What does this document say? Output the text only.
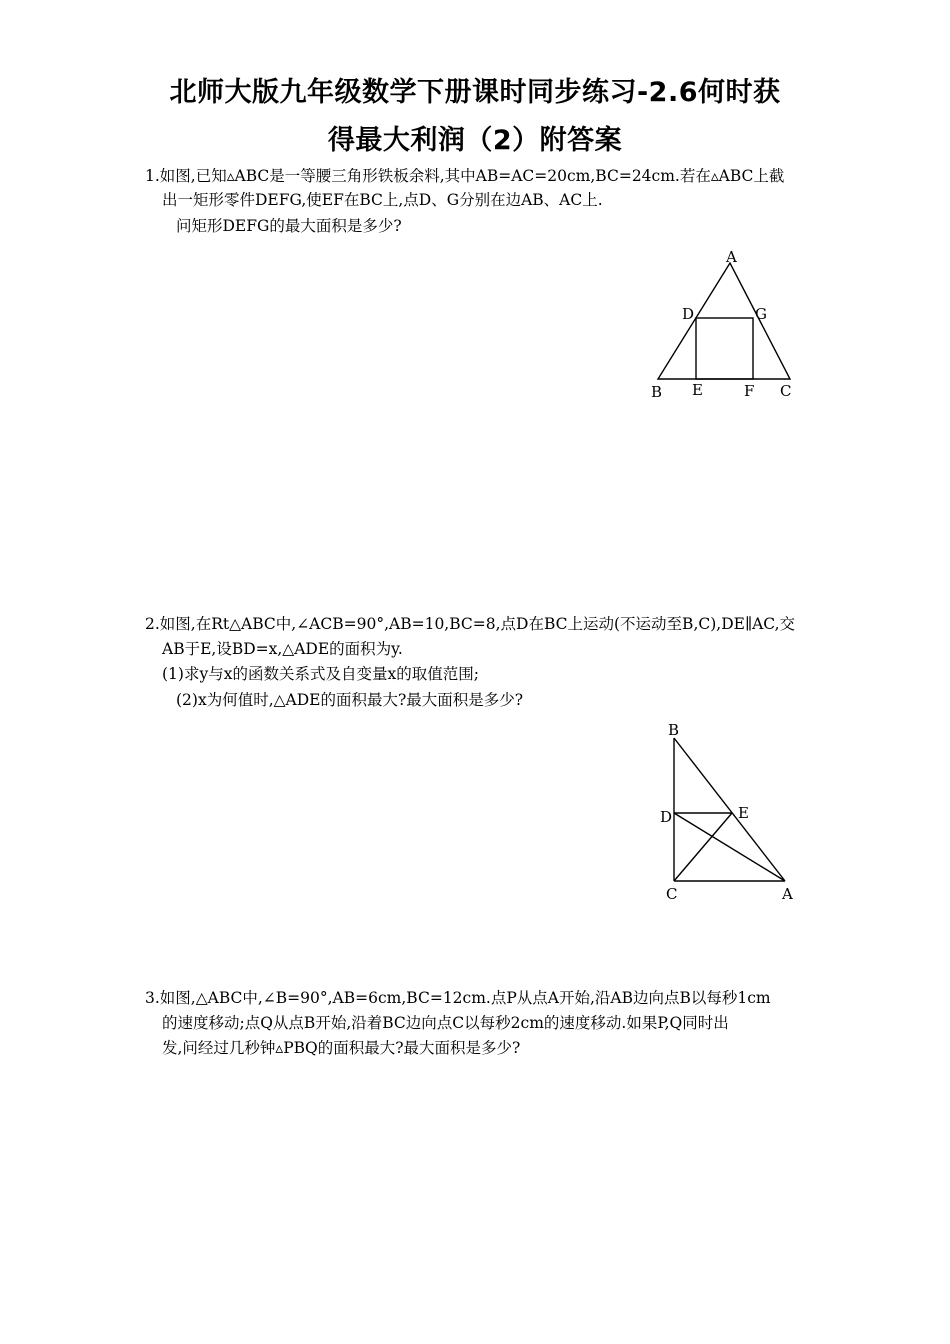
北师大版九年级数学下册课时同步练习-2.6何时获
得最大利润（2）附答案
1.如图,已知▵ABC是一等腰三角形铁板余料,其中AB=AC=20cm,BC=24cm.若在▵ABC上截
出一矩形零件DEFG,使EF在BC上,点D、G分别在边AB、AC上.
问矩形DEFG的最大面积是多少?
A
D	G
B E	F C
2.如图,在Rt△ABC中,∠ACB=90°,AB=10,BC=8,点D在BC上运动(不运动至B,C),DE∥AC,交
AB于E,设BD=x,△ADE的面积为y.
(1)求y与x的函数关系式及自变量x的取值范围;
(2)x为何值时,△ADE的面积最大?最大面积是多少?
B
D	E
C	A
3.如图,△ABC中,∠B=90°,AB=6cm,BC=12cm.点P从点A开始,沿AB边向点B以每秒1cm
的速度移动;点Q从点B开始,沿着BC边向点C以每秒2cm的速度移动.如果P,Q同时出
发,问经过几秒钟▵PBQ的面积最大?最大面积是多少?
